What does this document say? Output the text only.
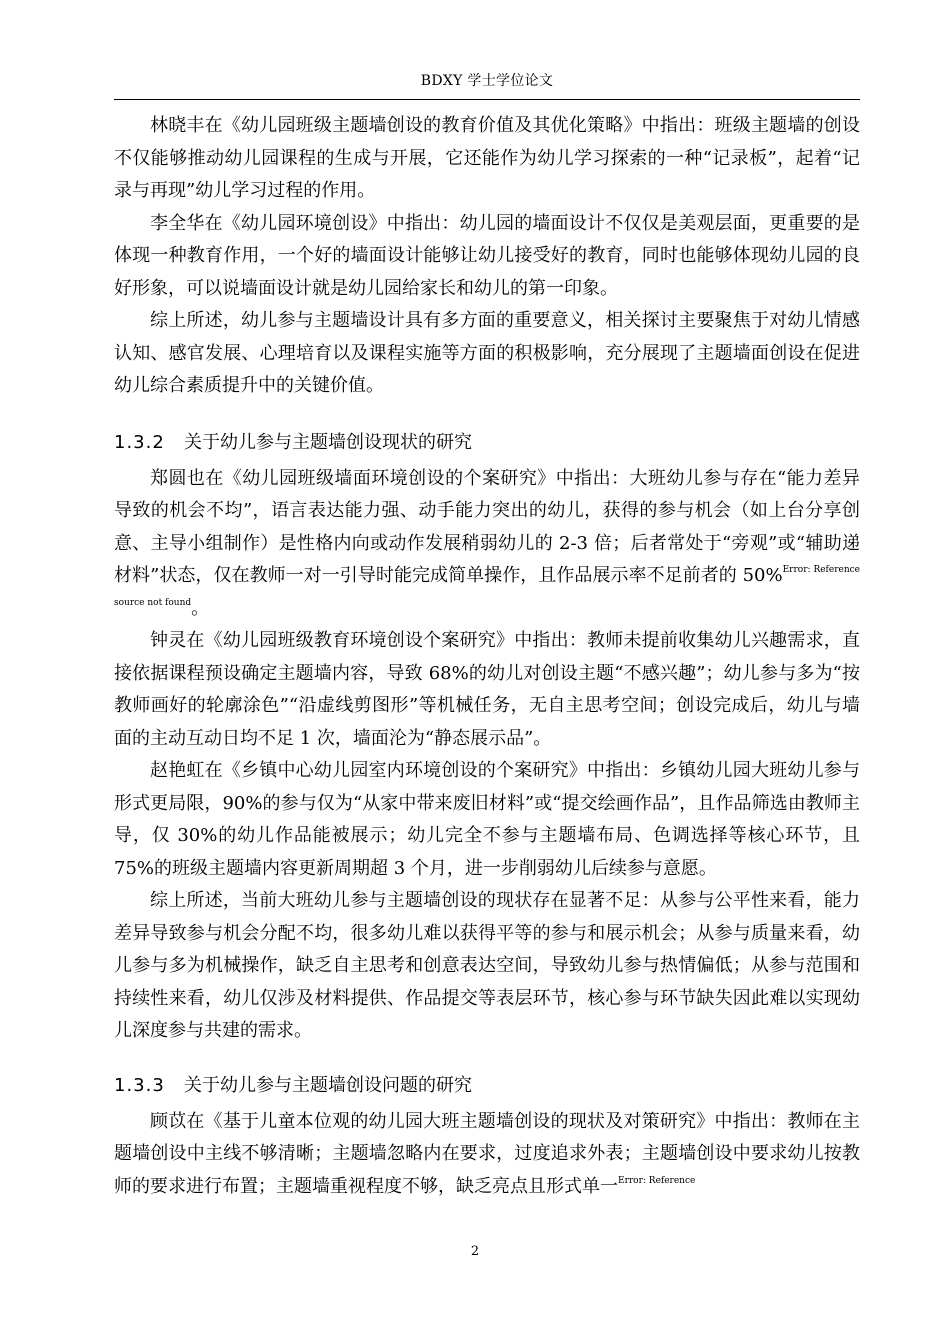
BDXY 学士学位论文

林晓丰在《幼儿园班级主题墙创设的教育价值及其优化策略》中指出：班级主题墙的创设不仅能够推动幼儿园课程的生成与开展，它还能作为幼儿学习探索的一种“记录板”，起着“记录与再现”幼儿学习过程的作用。

李全华在《幼儿园环境创设》中指出：幼儿园的墙面设计不仅仅是美观层面，更重要的是体现一种教育作用，一个好的墙面设计能够让幼儿接受好的教育，同时也能够体现幼儿园的良好形象，可以说墙面设计就是幼儿园给家长和幼儿的第一印象。

综上所述，幼儿参与主题墙设计具有多方面的重要意义，相关探讨主要聚焦于对幼儿情感认知、感官发展、心理培育以及课程实施等方面的积极影响，充分展现了主题墙面创设在促进幼儿综合素质提升中的关键价值。

1.3.2 关于幼儿参与主题墙创设现状的研究

郑圆也在《幼儿园班级墙面环境创设的个案研究》中指出：大班幼儿参与存在“能力差异导致的机会不均”，语言表达能力强、动手能力突出的幼儿，获得的参与机会（如上台分享创意、主导小组制作）是性格内向或动作发展稍弱幼儿的 2-3 倍；后者常处于“旁观”或“辅助递材料”状态，仅在教师一对一引导时能完成简单操作，且作品展示率不足前者的 50%$^{Error: Reference source not found}$。

钟灵在《幼儿园班级教育环境创设个案研究》中指出：教师未提前收集幼儿兴趣需求，直接依据课程预设确定主题墙内容，导致 68%的幼儿对创设主题“不感兴趣”；幼儿参与多为“按教师画好的轮廓涂色”“沿虚线剪图形”等机械任务，无自主思考空间；创设完成后，幼儿与墙面的主动互动日均不足 1 次，墙面沦为“静态展示品”。

赵艳虹在《乡镇中心幼儿园室内环境创设的个案研究》中指出：乡镇幼儿园大班幼儿参与形式更局限，90%的参与仅为“从家中带来废旧材料”或“提交绘画作品”，且作品筛选由教师主导，仅 30%的幼儿作品能被展示；幼儿完全不参与主题墙布局、色调选择等核心环节，且 75%的班级主题墙内容更新周期超 3 个月，进一步削弱幼儿后续参与意愿。

综上所述，当前大班幼儿参与主题墙创设的现状存在显著不足：从参与公平性来看，能力差异导致参与机会分配不均，很多幼儿难以获得平等的参与和展示机会；从参与质量来看，幼儿参与多为机械操作，缺乏自主思考和创意表达空间，导致幼儿参与热情偏低；从参与范围和持续性来看，幼儿仅涉及材料提供、作品提交等表层环节，核心参与环节缺失因此难以实现幼儿深度参与共建的需求。

1.3.3 关于幼儿参与主题墙创设问题的研究

顾苡在《基于儿童本位观的幼儿园大班主题墙创设的现状及对策研究》中指出：教师在主题墙创设中主线不够清晰；主题墙忽略内在要求，过度追求外表；主题墙创设中要求幼儿按教师的要求进行布置；主题墙重视程度不够，缺乏亮点且形式单一$^{Error: Reference}$

2
